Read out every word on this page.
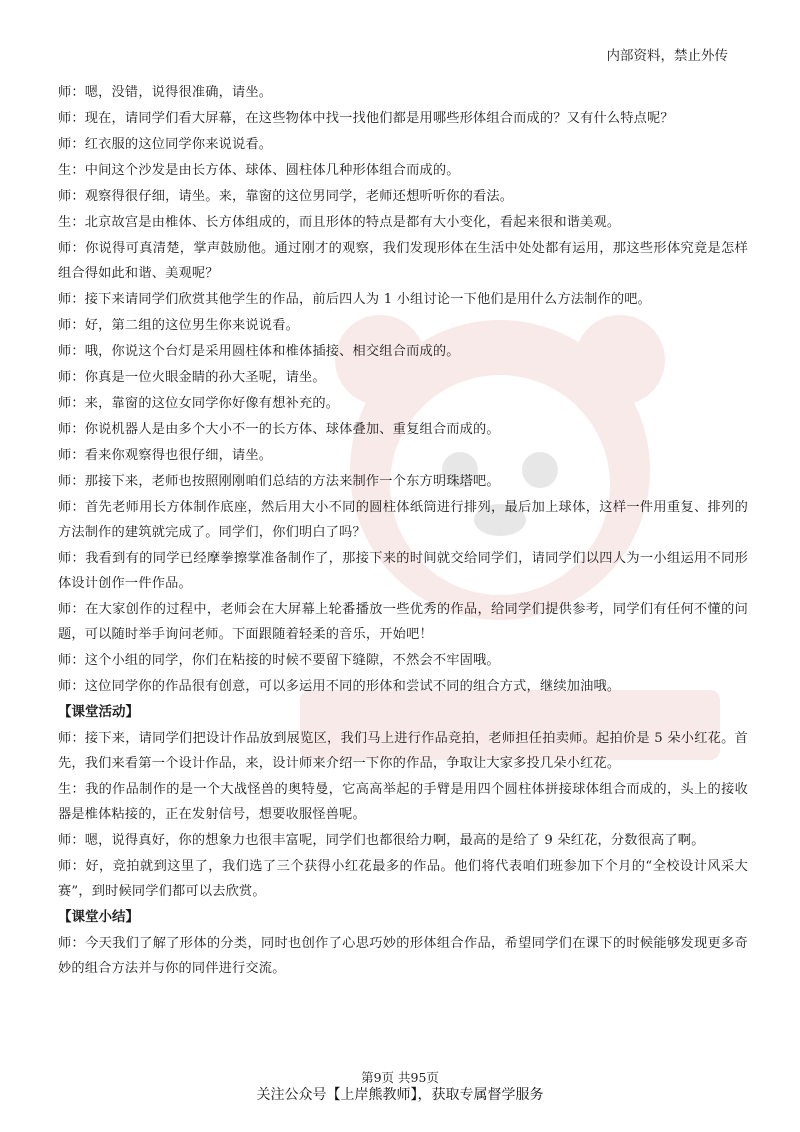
内部资料，禁止外传

师：嗯，没错，说得很准确，请坐。

师：现在，请同学们看大屏幕，在这些物体中找一找他们都是用哪些形体组合而成的？又有什么特点呢？

师：红衣服的这位同学你来说说看。

生：中间这个沙发是由长方体、球体、圆柱体几种形体组合而成的。

师：观察得很仔细，请坐。来，靠窗的这位男同学，老师还想听听你的看法。

生：北京故宫是由椎体、长方体组成的，而且形体的特点是都有大小变化，看起来很和谐美观。

师：你说得可真清楚，掌声鼓励他。通过刚才的观察，我们发现形体在生活中处处都有运用，那这些形体究竟是怎样组合得如此和谐、美观呢？

师：接下来请同学们欣赏其他学生的作品，前后四人为 1 小组讨论一下他们是用什么方法制作的吧。

师：好，第二组的这位男生你来说说看。

师：哦，你说这个台灯是采用圆柱体和椎体插接、相交组合而成的。

师：你真是一位火眼金睛的孙大圣呢，请坐。

师：来，靠窗的这位女同学你好像有想补充的。

师：你说机器人是由多个大小不一的长方体、球体叠加、重复组合而成的。

师：看来你观察得也很仔细，请坐。

师：那接下来，老师也按照刚刚咱们总结的方法来制作一个东方明珠塔吧。

师：首先老师用长方体制作底座，然后用大小不同的圆柱体纸筒进行排列，最后加上球体，这样一件用重复、排列的方法制作的建筑就完成了。同学们，你们明白了吗？

师：我看到有的同学已经摩拳擦掌准备制作了，那接下来的时间就交给同学们，请同学们以四人为一小组运用不同形体设计创作一件作品。

师：在大家创作的过程中，老师会在大屏幕上轮番播放一些优秀的作品，给同学们提供参考，同学们有任何不懂的问题，可以随时举手询问老师。下面跟随着轻柔的音乐，开始吧！

师：这个小组的同学，你们在粘接的时候不要留下缝隙，不然会不牢固哦。

师：这位同学你的作品很有创意，可以多运用不同的形体和尝试不同的组合方式，继续加油哦。

【课堂活动】

师：接下来，请同学们把设计作品放到展览区，我们马上进行作品竞拍，老师担任拍卖师。起拍价是 5 朵小红花。首先，我们来看第一个设计作品，来，设计师来介绍一下你的作品，争取让大家多投几朵小红花。

生：我的作品制作的是一个大战怪兽的奥特曼，它高高举起的手臂是用四个圆柱体拼接球体组合而成的，头上的接收器是椎体粘接的，正在发射信号，想要收服怪兽呢。

师：嗯，说得真好，你的想象力也很丰富呢，同学们也都很给力啊，最高的是给了 9 朵红花，分数很高了啊。

师：好，竞拍就到这里了，我们选了三个获得小红花最多的作品。他们将代表咱们班参加下个月的“全校设计风采大赛”，到时候同学们都可以去欣赏。

【课堂小结】

师：今天我们了解了形体的分类，同时也创作了心思巧妙的形体组合作品，希望同学们在课下的时候能够发现更多奇妙的组合方法并与你的同伴进行交流。

第9页 共95页
关注公众号【上岸熊教师】，获取专属督学服务
